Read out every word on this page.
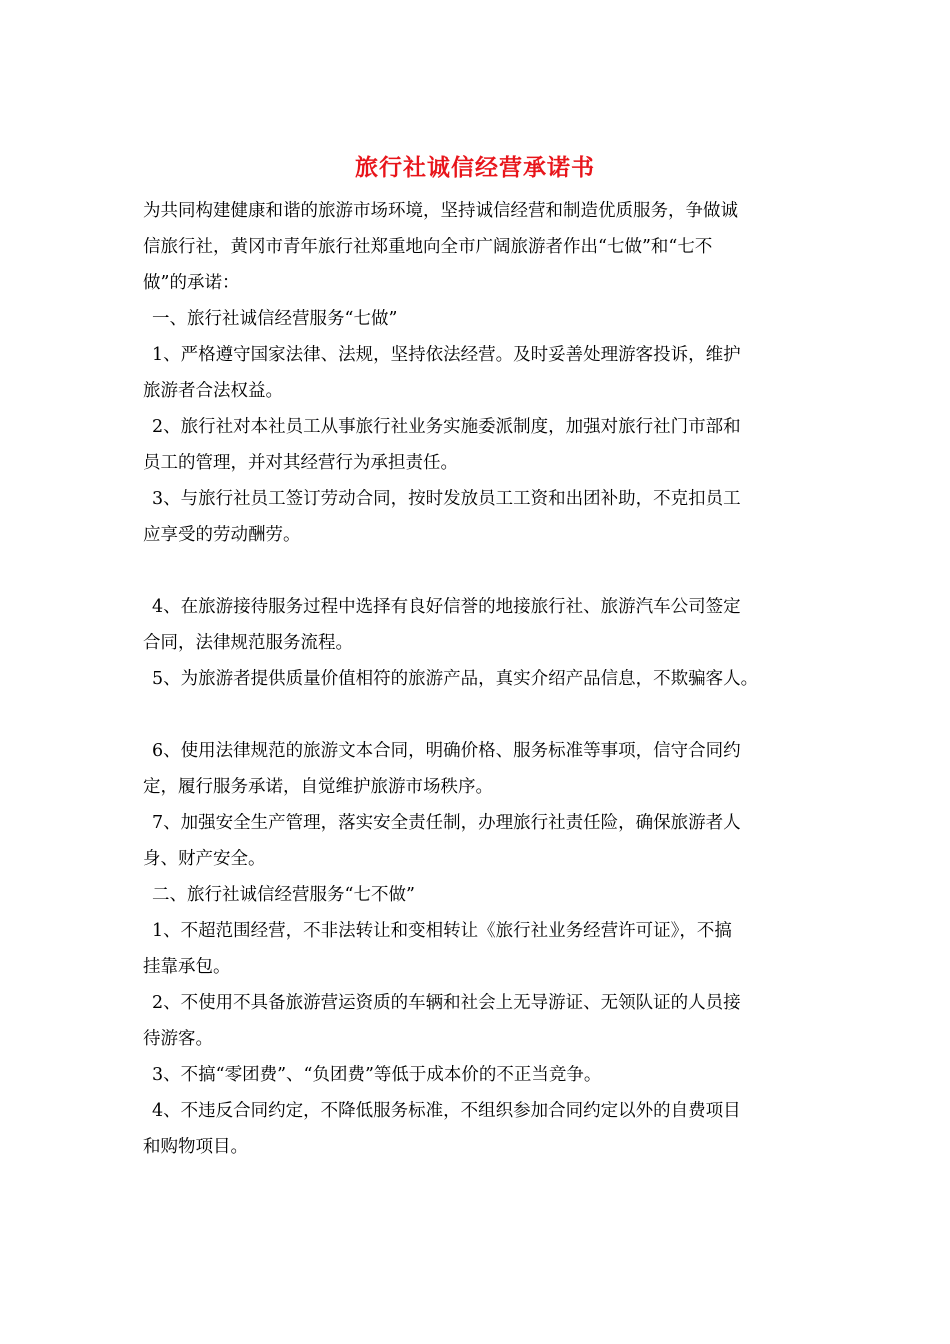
旅行社诚信经营承诺书
为共同构建健康和谐的旅游市场环境，坚持诚信经营和制造优质服务，争做诚
信旅行社，黄冈市青年旅行社郑重地向全市广阔旅游者作出“七做”和“七不
做”的承诺：
一、旅行社诚信经营服务“七做”
1、严格遵守国家法律、法规，坚持依法经营。及时妥善处理游客投诉，维护
旅游者合法权益。
2、旅行社对本社员工从事旅行社业务实施委派制度，加强对旅行社门市部和
员工的管理，并对其经营行为承担责任。
3、与旅行社员工签订劳动合同，按时发放员工工资和出团补助，不克扣员工
应享受的劳动酬劳。
4、在旅游接待服务过程中选择有良好信誉的地接旅行社、旅游汽车公司签定
合同，法律规范服务流程。
5、为旅游者提供质量价值相符的旅游产品，真实介绍产品信息，不欺骗客人。
6、使用法律规范的旅游文本合同，明确价格、服务标准等事项，信守合同约
定，履行服务承诺，自觉维护旅游市场秩序。
7、加强安全生产管理，落实安全责任制，办理旅行社责任险，确保旅游者人
身、财产安全。
二、旅行社诚信经营服务“七不做”
1、不超范围经营，不非法转让和变相转让《旅行社业务经营许可证》，不搞
挂靠承包。
2、不使用不具备旅游营运资质的车辆和社会上无导游证、无领队证的人员接
待游客。
3、不搞“零团费”、“负团费”等低于成本价的不正当竞争。
4、不违反合同约定，不降低服务标准，不组织参加合同约定以外的自费项目
和购物项目。
